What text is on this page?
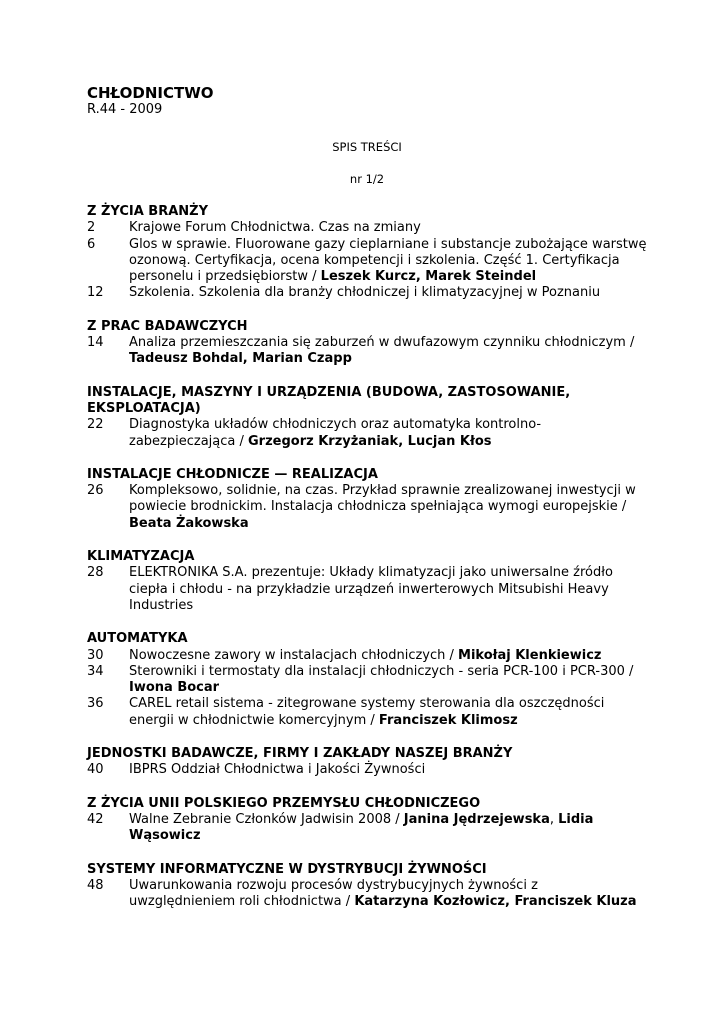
CHŁODNICTWO

R.44 - 2009

SPIS TREŚCI
nr 1/2

Z ŻYCIA BRANŻY

2	Krajowe Forum Chłodnictwa. Czas na zmiany
6	Glos w sprawie. Fluorowane gazy cieplarniane i substancje zubożające warstwę ozonową. Certyfikacja, ocena kompetencji i szkolenia. Część 1. Certyfikacja personelu i przedsiębiorstw / Leszek Kurcz, Marek Steindel
12	Szkolenia. Szkolenia dla branży chłodniczej i klimatyzacyjnej w Poznaniu

Z PRAC BADAWCZYCH

14	Analiza przemieszczania się zaburzeń w dwufazowym czynniku chłodniczym / Tadeusz Bohdal, Marian Czapp

INSTALACJE, MASZYNY I URZĄDZENIA (BUDOWA, ZASTOSOWANIE, EKSPLOATACJA)

22	Diagnostyka układów chłodniczych oraz automatyka kontrolno-zabezpieczająca / Grzegorz Krzyżaniak, Lucjan Kłos

INSTALACJE CHŁODNICZE — REALIZACJA

26	Kompleksowo, solidnie, na czas. Przykład sprawnie zrealizowanej inwestycji w powiecie brodnickim. Instalacja chłodnicza spełniająca wymogi europejskie / Beata Żakowska

KLIMATYZACJA

28	ELEKTRONIKA S.A. prezentuje: Układy klimatyzacji jako uniwersalne źródło ciepła i chłodu - na przykładzie urządzeń inwerterowych Mitsubishi Heavy Industries

AUTOMATYKA

30	Nowoczesne zawory w instalacjach chłodniczych / Mikołaj Klenkiewicz
34	Sterowniki i termostaty dla instalacji chłodniczych - seria PCR-100 i PCR-300 / Iwona Bocar
36	CAREL retail sistema - zitegrowane systemy sterowania dla oszczędności energii w chłodnictwie komercyjnym / Franciszek Klimosz

JEDNOSTKI BADAWCZE, FIRMY I ZAKŁADY NASZEJ BRANŻY

40	IBPRS Oddział Chłodnictwa i Jakości Żywności

Z ŻYCIA UNII POLSKIEGO PRZEMYSŁU CHŁODNICZEGO

42	Walne Zebranie Członków Jadwisin 2008 / Janina Jędrzejewska, Lidia Wąsowicz

SYSTEMY INFORMATYCZNE W DYSTRYBUCJI ŻYWNOŚCI

48	Uwarunkowania rozwoju procesów dystrybucyjnych żywności z uwzględnieniem roli chłodnictwa / Katarzyna Kozłowicz, Franciszek Kluza
